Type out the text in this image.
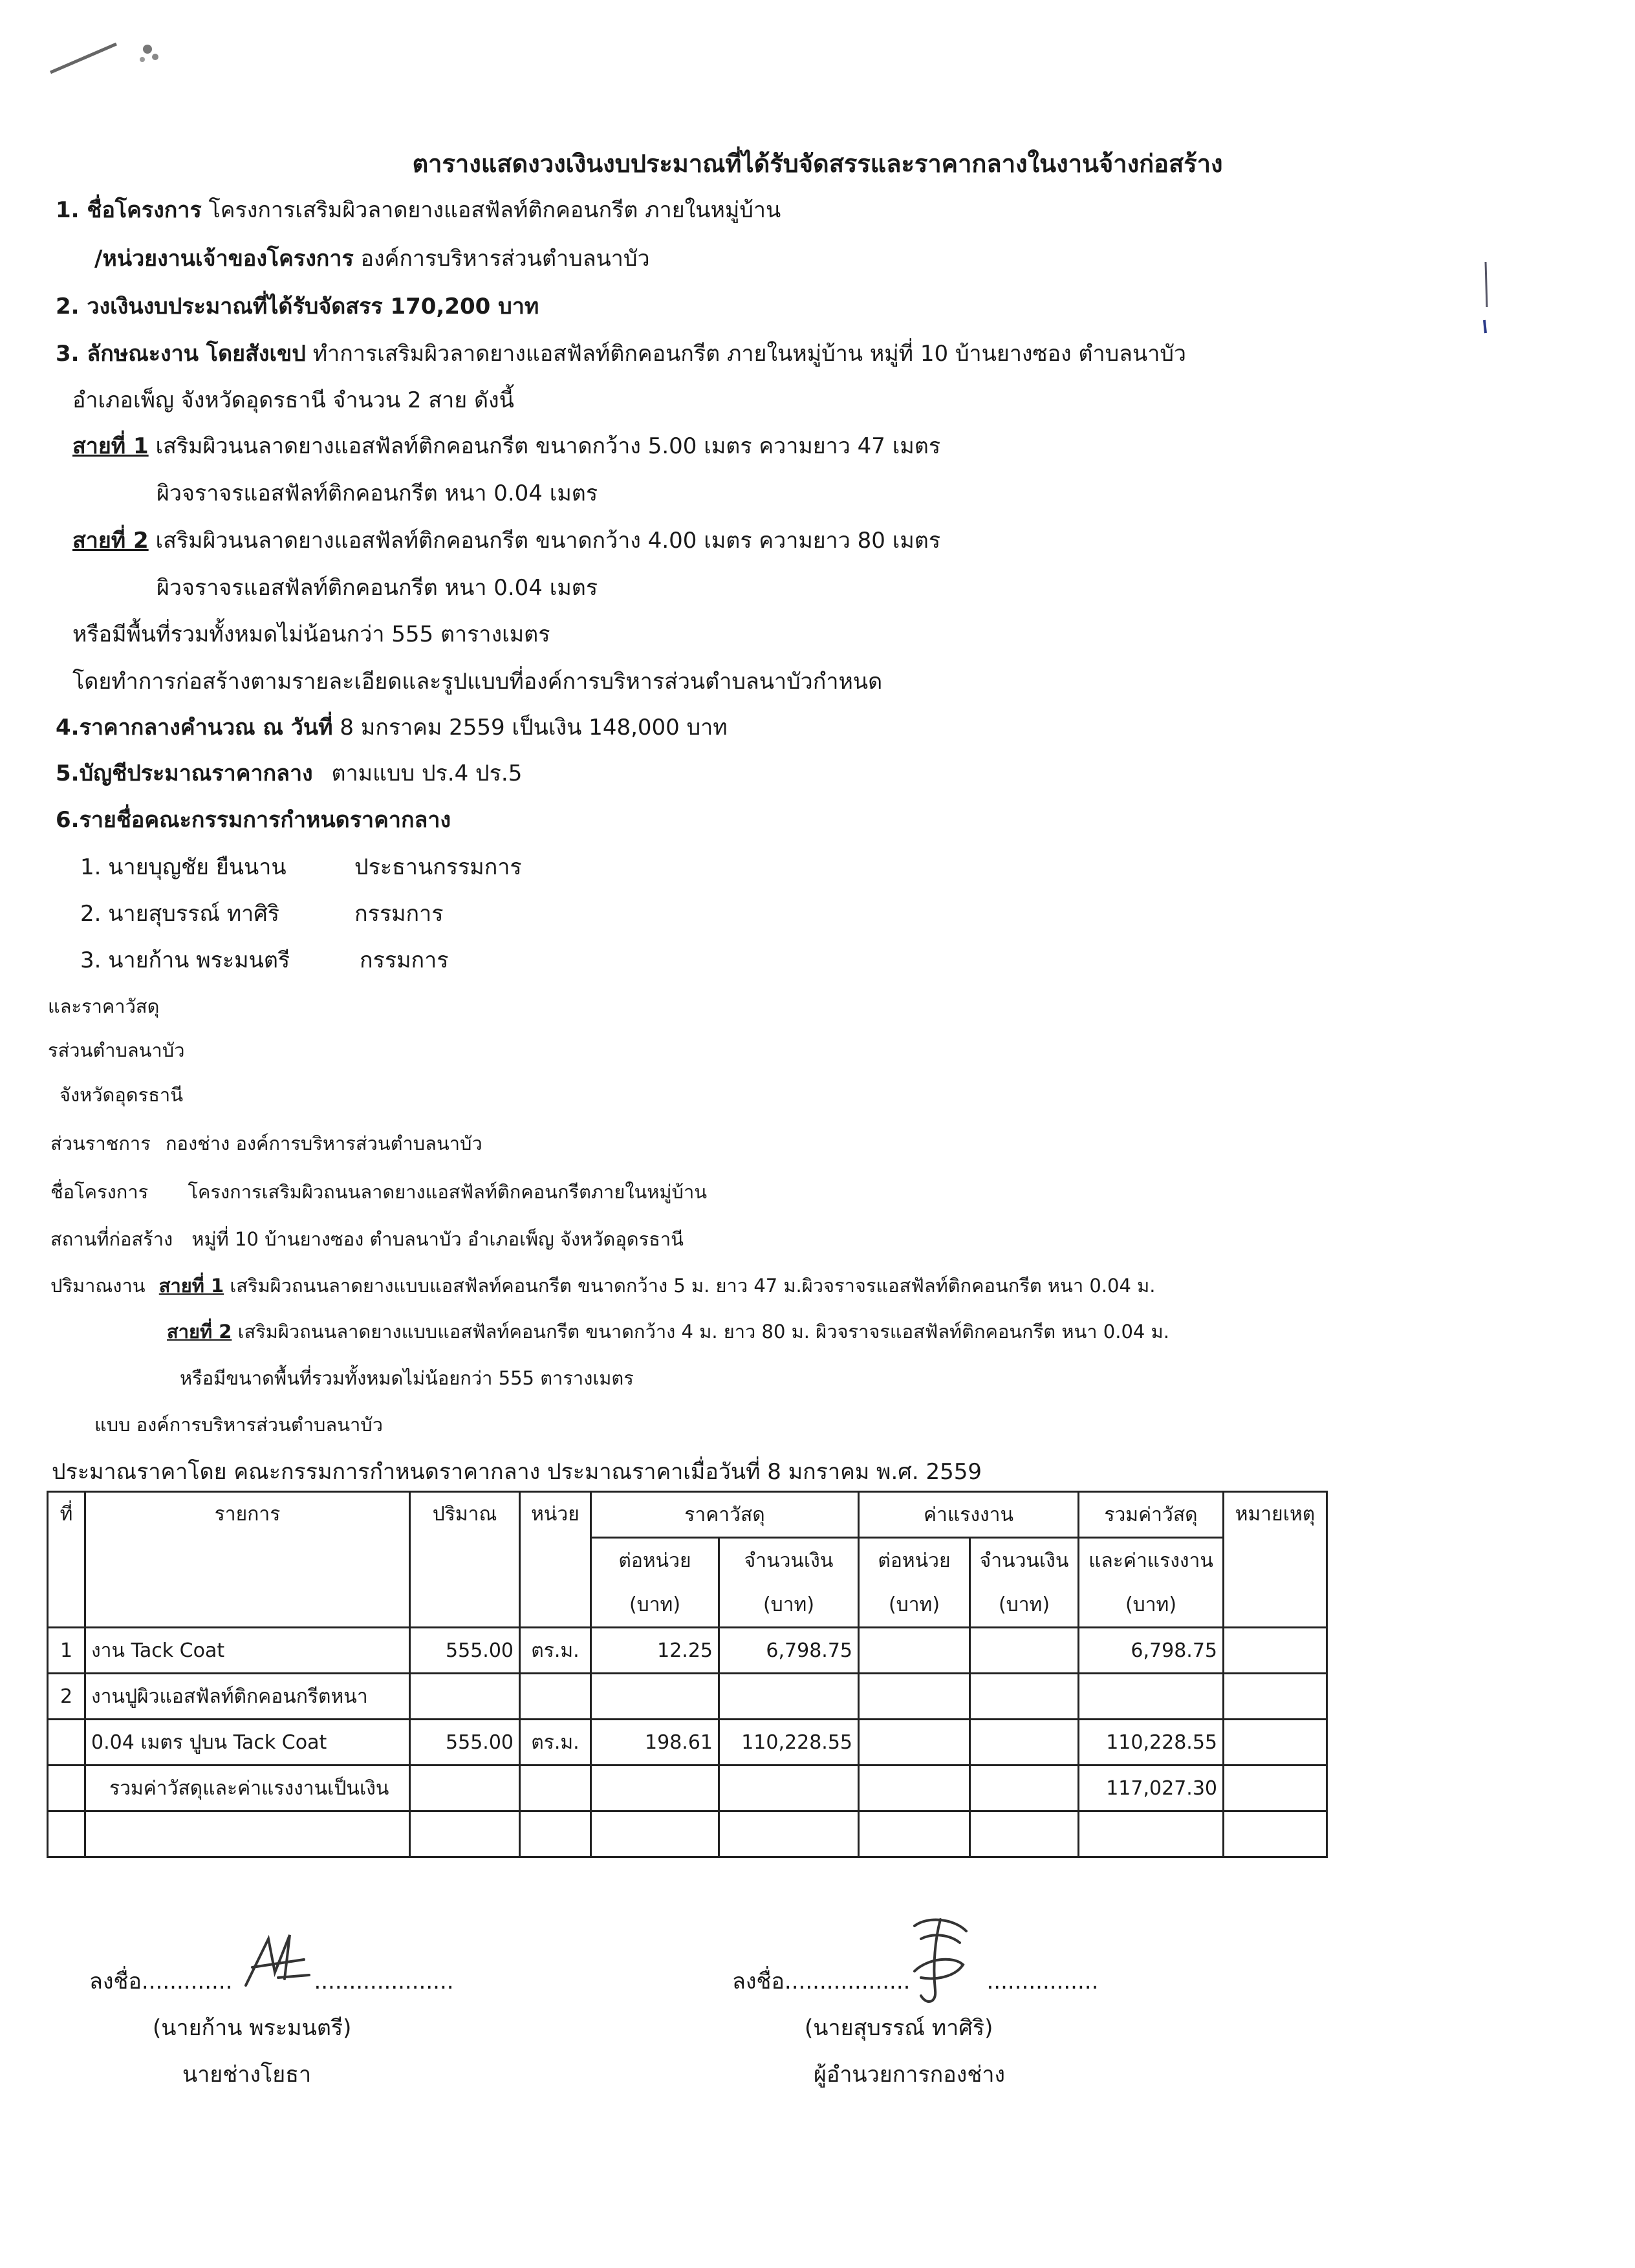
ตารางแสดงวงเงินงบประมาณที่ได้รับจัดสรรและราคากลางในงานจ้างก่อสร้าง
1. ชื่อโครงการ โครงการเสริมผิวลาดยางแอสฟัลท์ติกคอนกรีต ภายในหมู่บ้าน
/หน่วยงานเจ้าของโครงการ องค์การบริหารส่วนตำบลนาบัว
2. วงเงินงบประมาณที่ได้รับจัดสรร 170,200 บาท
3. ลักษณะงาน โดยสังเขป ทำการเสริมผิวลาดยางแอสฟัลท์ติกคอนกรีต ภายในหมู่บ้าน หมู่ที่ 10 บ้านยางซอง ตำบลนาบัว
อำเภอเพ็ญ จังหวัดอุดรธานี จำนวน 2 สาย ดังนี้
สายที่ 1 เสริมผิวนนลาดยางแอสฟัลท์ติกคอนกรีต ขนาดกว้าง 5.00 เมตร ความยาว 47 เมตร
ผิวจราจรแอสฟัลท์ติกคอนกรีต หนา 0.04 เมตร
สายที่ 2 เสริมผิวนนลาดยางแอสฟัลท์ติกคอนกรีต ขนาดกว้าง 4.00 เมตร ความยาว 80 เมตร
ผิวจราจรแอสฟัลท์ติกคอนกรีต หนา 0.04 เมตร
หรือมีพื้นที่รวมทั้งหมดไม่น้อนกว่า 555 ตารางเมตร
โดยทำการก่อสร้างตามรายละเอียดและรูปแบบที่องค์การบริหารส่วนตำบลนาบัวกำหนด
4.ราคากลางคำนวณ ณ วันที่ 8 มกราคม 2559 เป็นเงิน 148,000 บาท
5.บัญชีประมาณราคากลาง ตามแบบ ปร.4 ปร.5
6.รายชื่อคณะกรรมการกำหนดราคากลาง
1. นายบุญชัย ยืนนาน	ประธานกรรมการ
2. นายสุบรรณ์ ทาศิริ	กรรมการ
3. นายก้าน พระมนตรี	กรรมการ
และราคาวัสดุ
รส่วนตำบลนาบัว
จังหวัดอุดรธานี
ส่วนราชการ กองช่าง องค์การบริหารส่วนตำบลนาบัว
ชื่อโครงการ โครงการเสริมผิวถนนลาดยางแอสฟัลท์ติกคอนกรีตภายในหมู่บ้าน
สถานที่ก่อสร้าง หมู่ที่ 10 บ้านยางซอง ตำบลนาบัว อำเภอเพ็ญ จังหวัดอุดรธานี
ปริมาณงาน สายที่ 1 เสริมผิวถนนลาดยางแบบแอสฟัลท์คอนกรีต ขนาดกว้าง 5 ม. ยาว 47 ม.ผิวจราจรแอสฟัลท์ติกคอนกรีต หนา 0.04 ม.
สายที่ 2 เสริมผิวถนนลาดยางแบบแอสฟัลท์คอนกรีต ขนาดกว้าง 4 ม. ยาว 80 ม. ผิวจราจรแอสฟัลท์ติกคอนกรีต หนา 0.04 ม.
หรือมีขนาดพื้นที่รวมทั้งหมดไม่น้อยกว่า 555 ตารางเมตร
แบบ องค์การบริหารส่วนตำบลนาบัว
ประมาณราคาโดย คณะกรรมการกำหนดราคากลาง ประมาณราคาเมื่อวันที่ 8 มกราคม พ.ศ. 2559
ที่	รายการ	ปริมาณ	หน่วย	ราคาวัสดุ		ค่าแรงงาน		รวมค่าวัสดุ	หมายเหตุ
				ต่อหน่วย	จำนวนเงิน	ต่อหน่วย	จำนวนเงิน	และค่าแรงงาน	
				(บาท)	(บาท)	(บาท)	(บาท)	(บาท)	
1	งาน Tack Coat	555.00	ตร.ม.	12.25	6,798.75			6,798.75	
2	งานปูผิวแอสฟัลท์ติกคอนกรีตหนา								
	0.04 เมตร ปูบน Tack Coat	555.00	ตร.ม.	198.61	110,228.55			110,228.55	
	รวมค่าวัสดุและค่าแรงงานเป็นเงิน							117,027.30	

ลงชื่อ.............	....................
(นายก้าน พระมนตรี)
นายช่างโยธา
ลงชื่อ..................	................
(นายสุบรรณ์ ทาศิริ)
ผู้อำนวยการกองช่าง
